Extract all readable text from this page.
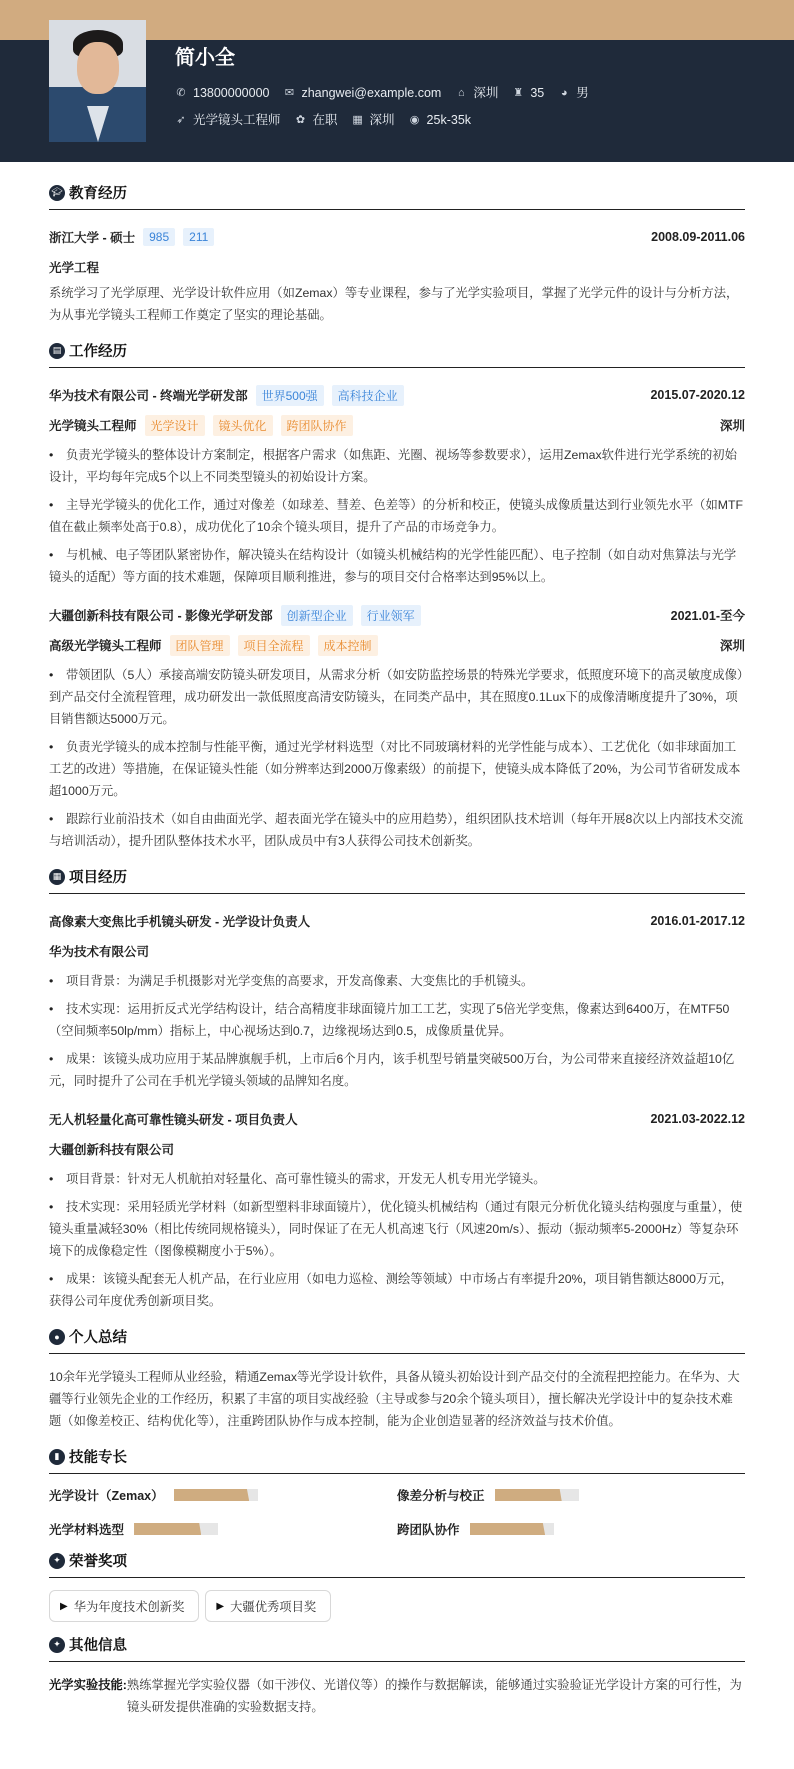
简小全
✆ 13800000000 ✉ zhangwei@example.com ⌂ 深圳 ♜ 35 ◕ 男
➶ 光学镜头工程师 ✿ 在职 ▦ 深圳 ◉ 25k-35k
🎓︎ 教育经历
浙江大学 - 硕士	985	211	2008.09-2011.06
光学工程
系统学习了光学原理、光学设计软件应用（如Zemax）等专业课程，参与了光学实验项目，掌握了光学元件的设计与分析方法，为从事光学镜头工程师工作奠定了坚实的理论基础。
▤ 工作经历
华为技术有限公司 - 终端光学研发部	世界500强	高科技企业	2015.07-2020.12
光学镜头工程师	光学设计	镜头优化	跨团队协作	深圳
• 负责光学镜头的整体设计方案制定，根据客户需求（如焦距、光圈、视场等参数要求），运用Zemax软件进行光学系统的初始设计，平均每年完成5个以上不同类型镜头的初始设计方案。
• 主导光学镜头的优化工作，通过对像差（如球差、彗差、色差等）的分析和校正，使镜头成像质量达到行业领先水平（如MTF值在截止频率处高于0.8），成功优化了10余个镜头项目，提升了产品的市场竞争力。
• 与机械、电子等团队紧密协作，解决镜头在结构设计（如镜头机械结构的光学性能匹配）、电子控制（如自动对焦算法与光学镜头的适配）等方面的技术难题，保障项目顺利推进，参与的项目交付合格率达到95%以上。
大疆创新科技有限公司 - 影像光学研发部	创新型企业	行业领军	2021.01-至今
高级光学镜头工程师	团队管理	项目全流程	成本控制	深圳
• 带领团队（5人）承接高端安防镜头研发项目，从需求分析（如安防监控场景的特殊光学要求，低照度环境下的高灵敏度成像）到产品交付全流程管理，成功研发出一款低照度高清安防镜头，在同类产品中，其在照度0.1Lux下的成像清晰度提升了30%，项目销售额达5000万元。
• 负责光学镜头的成本控制与性能平衡，通过光学材料选型（对比不同玻璃材料的光学性能与成本）、工艺优化（如非球面加工工艺的改进）等措施，在保证镜头性能（如分辨率达到2000万像素级）的前提下，使镜头成本降低了20%，为公司节省研发成本超1000万元。
• 跟踪行业前沿技术（如自由曲面光学、超表面光学在镜头中的应用趋势），组织团队技术培训（每年开展8次以上内部技术交流与培训活动），提升团队整体技术水平，团队成员中有3人获得公司技术创新奖。
▦ 项目经历
高像素大变焦比手机镜头研发 - 光学设计负责人	2016.01-2017.12
华为技术有限公司
• 项目背景：为满足手机摄影对光学变焦的高要求，开发高像素、大变焦比的手机镜头。
• 技术实现：运用折反式光学结构设计，结合高精度非球面镜片加工工艺，实现了5倍光学变焦，像素达到6400万，在MTF50（空间频率50lp/mm）指标上，中心视场达到0.7，边缘视场达到0.5，成像质量优异。
• 成果：该镜头成功应用于某品牌旗舰手机，上市后6个月内，该手机型号销量突破500万台，为公司带来直接经济效益超10亿元，同时提升了公司在手机光学镜头领域的品牌知名度。
无人机轻量化高可靠性镜头研发 - 项目负责人	2021.03-2022.12
大疆创新科技有限公司
• 项目背景：针对无人机航拍对轻量化、高可靠性镜头的需求，开发无人机专用光学镜头。
• 技术实现：采用轻质光学材料（如新型塑料非球面镜片），优化镜头机械结构（通过有限元分析优化镜头结构强度与重量），使镜头重量减轻30%（相比传统同规格镜头），同时保证了在无人机高速飞行（风速20m/s）、振动（振动频率5-2000Hz）等复杂环境下的成像稳定性（图像模糊度小于5%）。
• 成果：该镜头配套无人机产品，在行业应用（如电力巡检、测绘等领域）中市场占有率提升20%，项目销售额达8000万元，获得公司年度优秀创新项目奖。
● 个人总结
10余年光学镜头工程师从业经验，精通Zemax等光学设计软件，具备从镜头初始设计到产品交付的全流程把控能力。在华为、大疆等行业领先企业的工作经历，积累了丰富的项目实战经验（主导或参与20余个镜头项目），擅长解决光学设计中的复杂技术难题（如像差校正、结构优化等），注重跨团队协作与成本控制，能为企业创造显著的经济效益与技术价值。
▮ 技能专长
光学设计（Zemax）	像差分析与校正
光学材料选型	跨团队协作
✦ 荣誉奖项
▶ 华为年度技术创新奖	▶ 大疆优秀项目奖
✦ 其他信息
光学实验技能: 熟练掌握光学实验仪器（如干涉仪、光谱仪等）的操作与数据解读，能够通过实验验证光学设计方案的可行性，为镜头研发提供准确的实验数据支持。
